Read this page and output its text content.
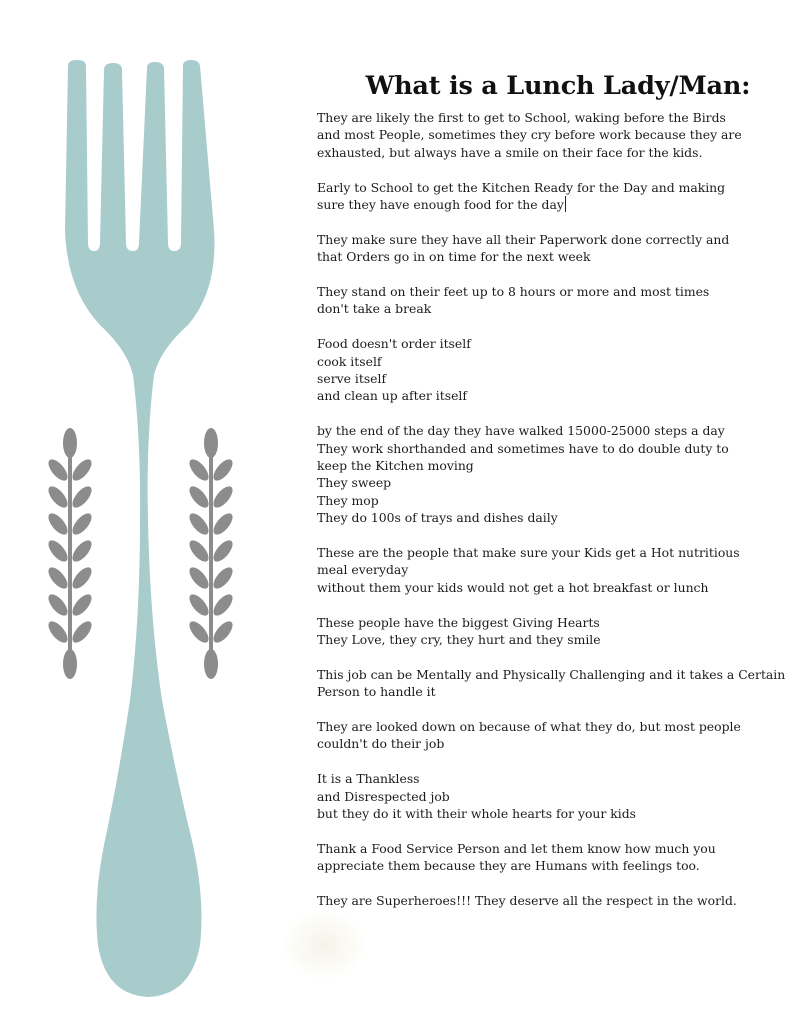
What is a Lunch Lady/Man:
They are likely the first to get to School, waking before the Birds
and most People, sometimes they cry before work because they are
exhausted, but always have a smile on their face for the kids.
Early to School to get the Kitchen Ready for the Day and making
sure they have enough food for the day
They make sure they have all their Paperwork done correctly and
that Orders go in on time for the next week
They stand on their feet up to 8 hours or more and most times
don't take a break
Food doesn't order itself
cook itself
serve itself
and clean up after itself
by the end of the day they have walked 15000-25000 steps a day
They work shorthanded and sometimes have to do double duty to
keep the Kitchen moving
They sweep
They mop
They do 100s of trays and dishes daily
These are the people that make sure your Kids get a Hot nutritious
meal everyday
without them your kids would not get a hot breakfast or lunch
These people have the biggest Giving Hearts
They Love, they cry, they hurt and they smile
This job can be Mentally and Physically Challenging and it takes a Certain
Person to handle it
They are looked down on because of what they do, but most people
couldn't do their job
It is a Thankless
and Disrespected job
but they do it with their whole hearts for your kids
Thank a Food Service Person and let them know how much you
appreciate them because they are Humans with feelings too.
They are Superheroes!!! They deserve all the respect in the world.
